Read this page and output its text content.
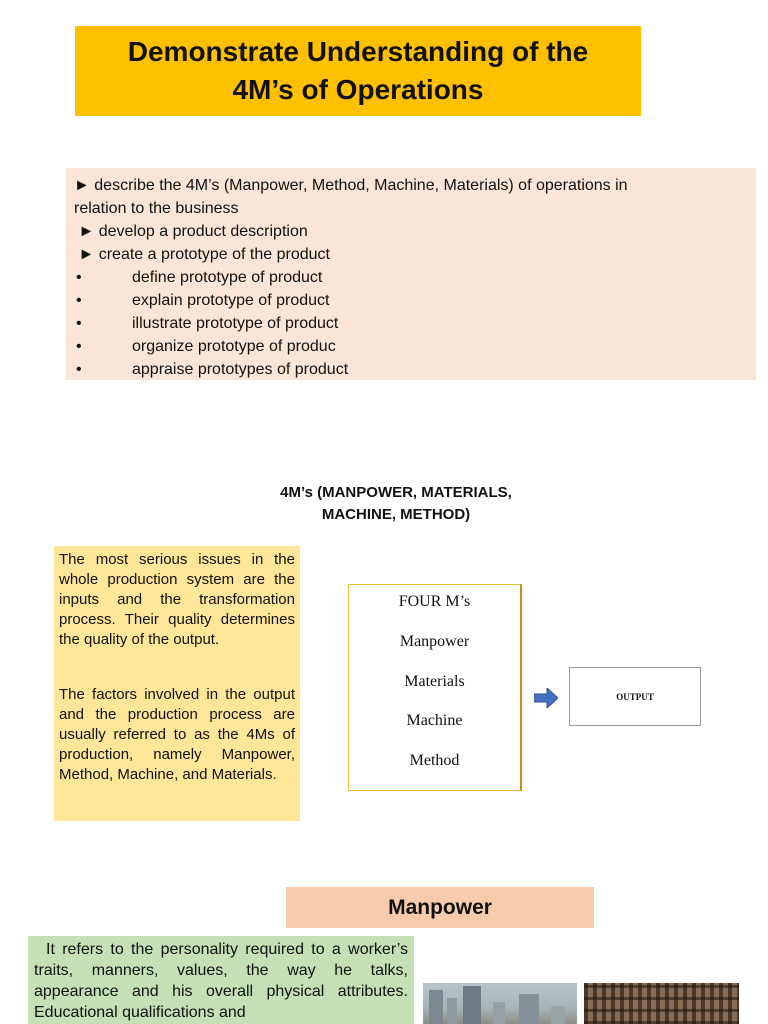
Demonstrate Understanding of the
4M’s of Operations
► describe the 4M’s (Manpower, Method, Machine, Materials) of operations in
relation to the business
► develop a product description
► create a prototype of the product
•	define prototype of product
•	explain prototype of product
•	illustrate prototype of product
•	organize prototype of produc
•	appraise prototypes of product
4M’s (MANPOWER, MATERIALS,
MACHINE, METHOD)

The most serious issues in the whole production system are the inputs and the transformation process. Their quality determines the quality of the output.

The factors involved in the output and the production process are usually referred to as the 4Ms of production, namely Manpower, Method, Machine, and Materials.

FOUR M’s
Manpower
Materials
Machine
Method
OUTPUT
Manpower
It refers to the personality required to a worker’s traits, manners, values, the way he talks, appearance and his overall physical attributes. Educational qualifications and
